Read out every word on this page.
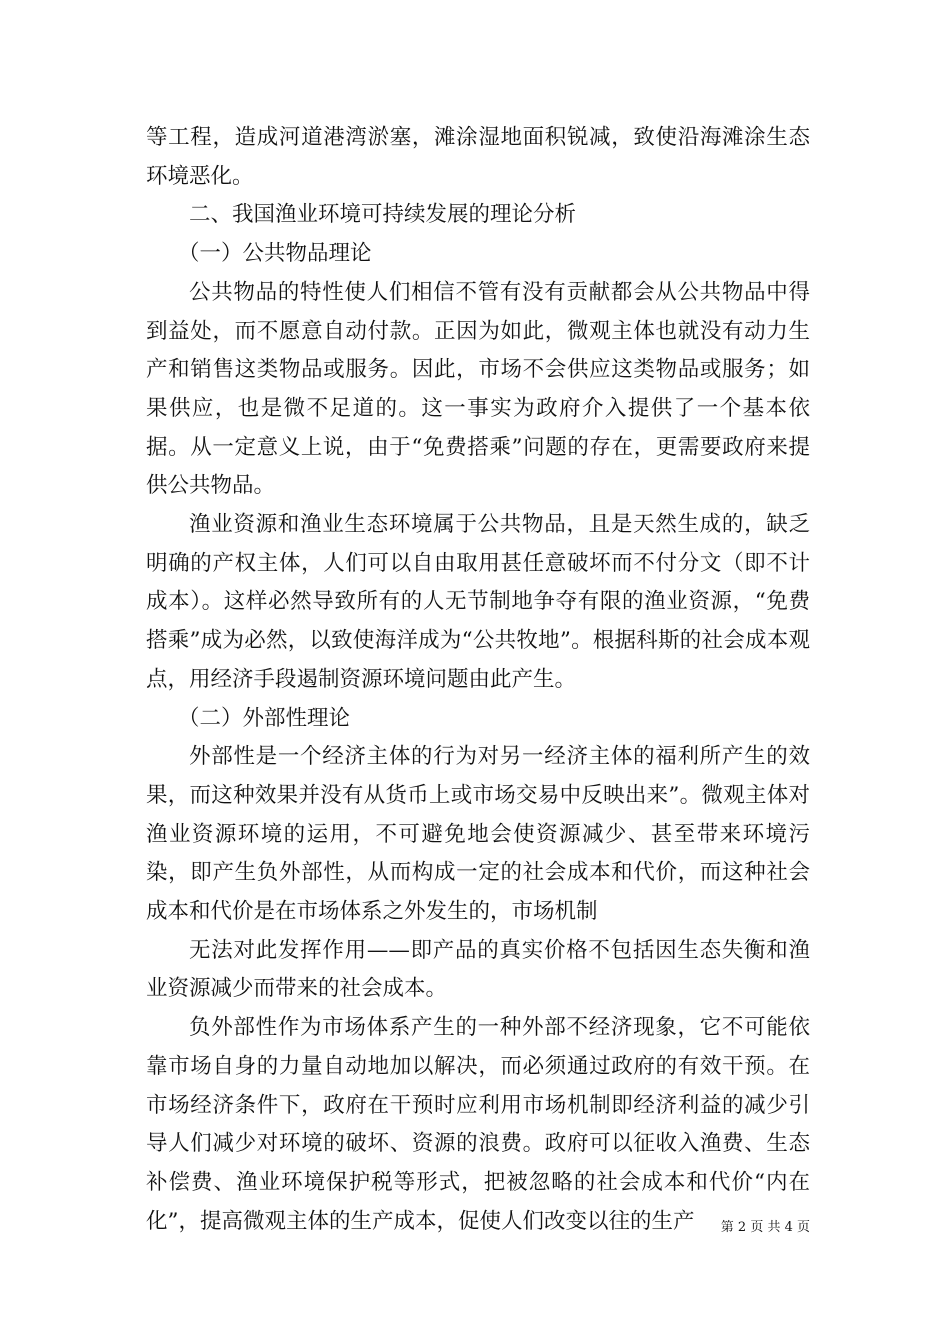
等工程，造成河道港湾淤塞，滩涂湿地面积锐减，致使沿海滩涂生态环境恶化。

二、我国渔业环境可持续发展的理论分析

（一）公共物品理论

公共物品的特性使人们相信不管有没有贡献都会从公共物品中得到益处，而不愿意自动付款。正因为如此，微观主体也就没有动力生产和销售这类物品或服务。因此，市场不会供应这类物品或服务；如果供应，也是微不足道的。这一事实为政府介入提供了一个基本依据。从一定意义上说，由于“免费搭乘”问题的存在，更需要政府来提供公共物品。

渔业资源和渔业生态环境属于公共物品，且是天然生成的，缺乏明确的产权主体，人们可以自由取用甚任意破坏而不付分文（即不计成本）。这样必然导致所有的人无节制地争夺有限的渔业资源，“免费搭乘”成为必然，以致使海洋成为“公共牧地”。根据科斯的社会成本观点，用经济手段遏制资源环境问题由此产生。

（二）外部性理论

外部性是一个经济主体的行为对另一经济主体的福利所产生的效果，而这种效果并没有从货币上或市场交易中反映出来”。微观主体对渔业资源环境的运用，不可避免地会使资源减少、甚至带来环境污染，即产生负外部性，从而构成一定的社会成本和代价，而这种社会成本和代价是在市场体系之外发生的，市场机制

无法对此发挥作用——即产品的真实价格不包括因生态失衡和渔业资源减少而带来的社会成本。

负外部性作为市场体系产生的一种外部不经济现象，它不可能依靠市场自身的力量自动地加以解决，而必须通过政府的有效干预。在市场经济条件下，政府在干预时应利用市场机制即经济利益的减少引导人们减少对环境的破坏、资源的浪费。政府可以征收入渔费、生态补偿费、渔业环境保护税等形式，把被忽略的社会成本和代价“内在化”，提高微观主体的生产成本，促使人们改变以往的生产	第 2 页 共 4 页
